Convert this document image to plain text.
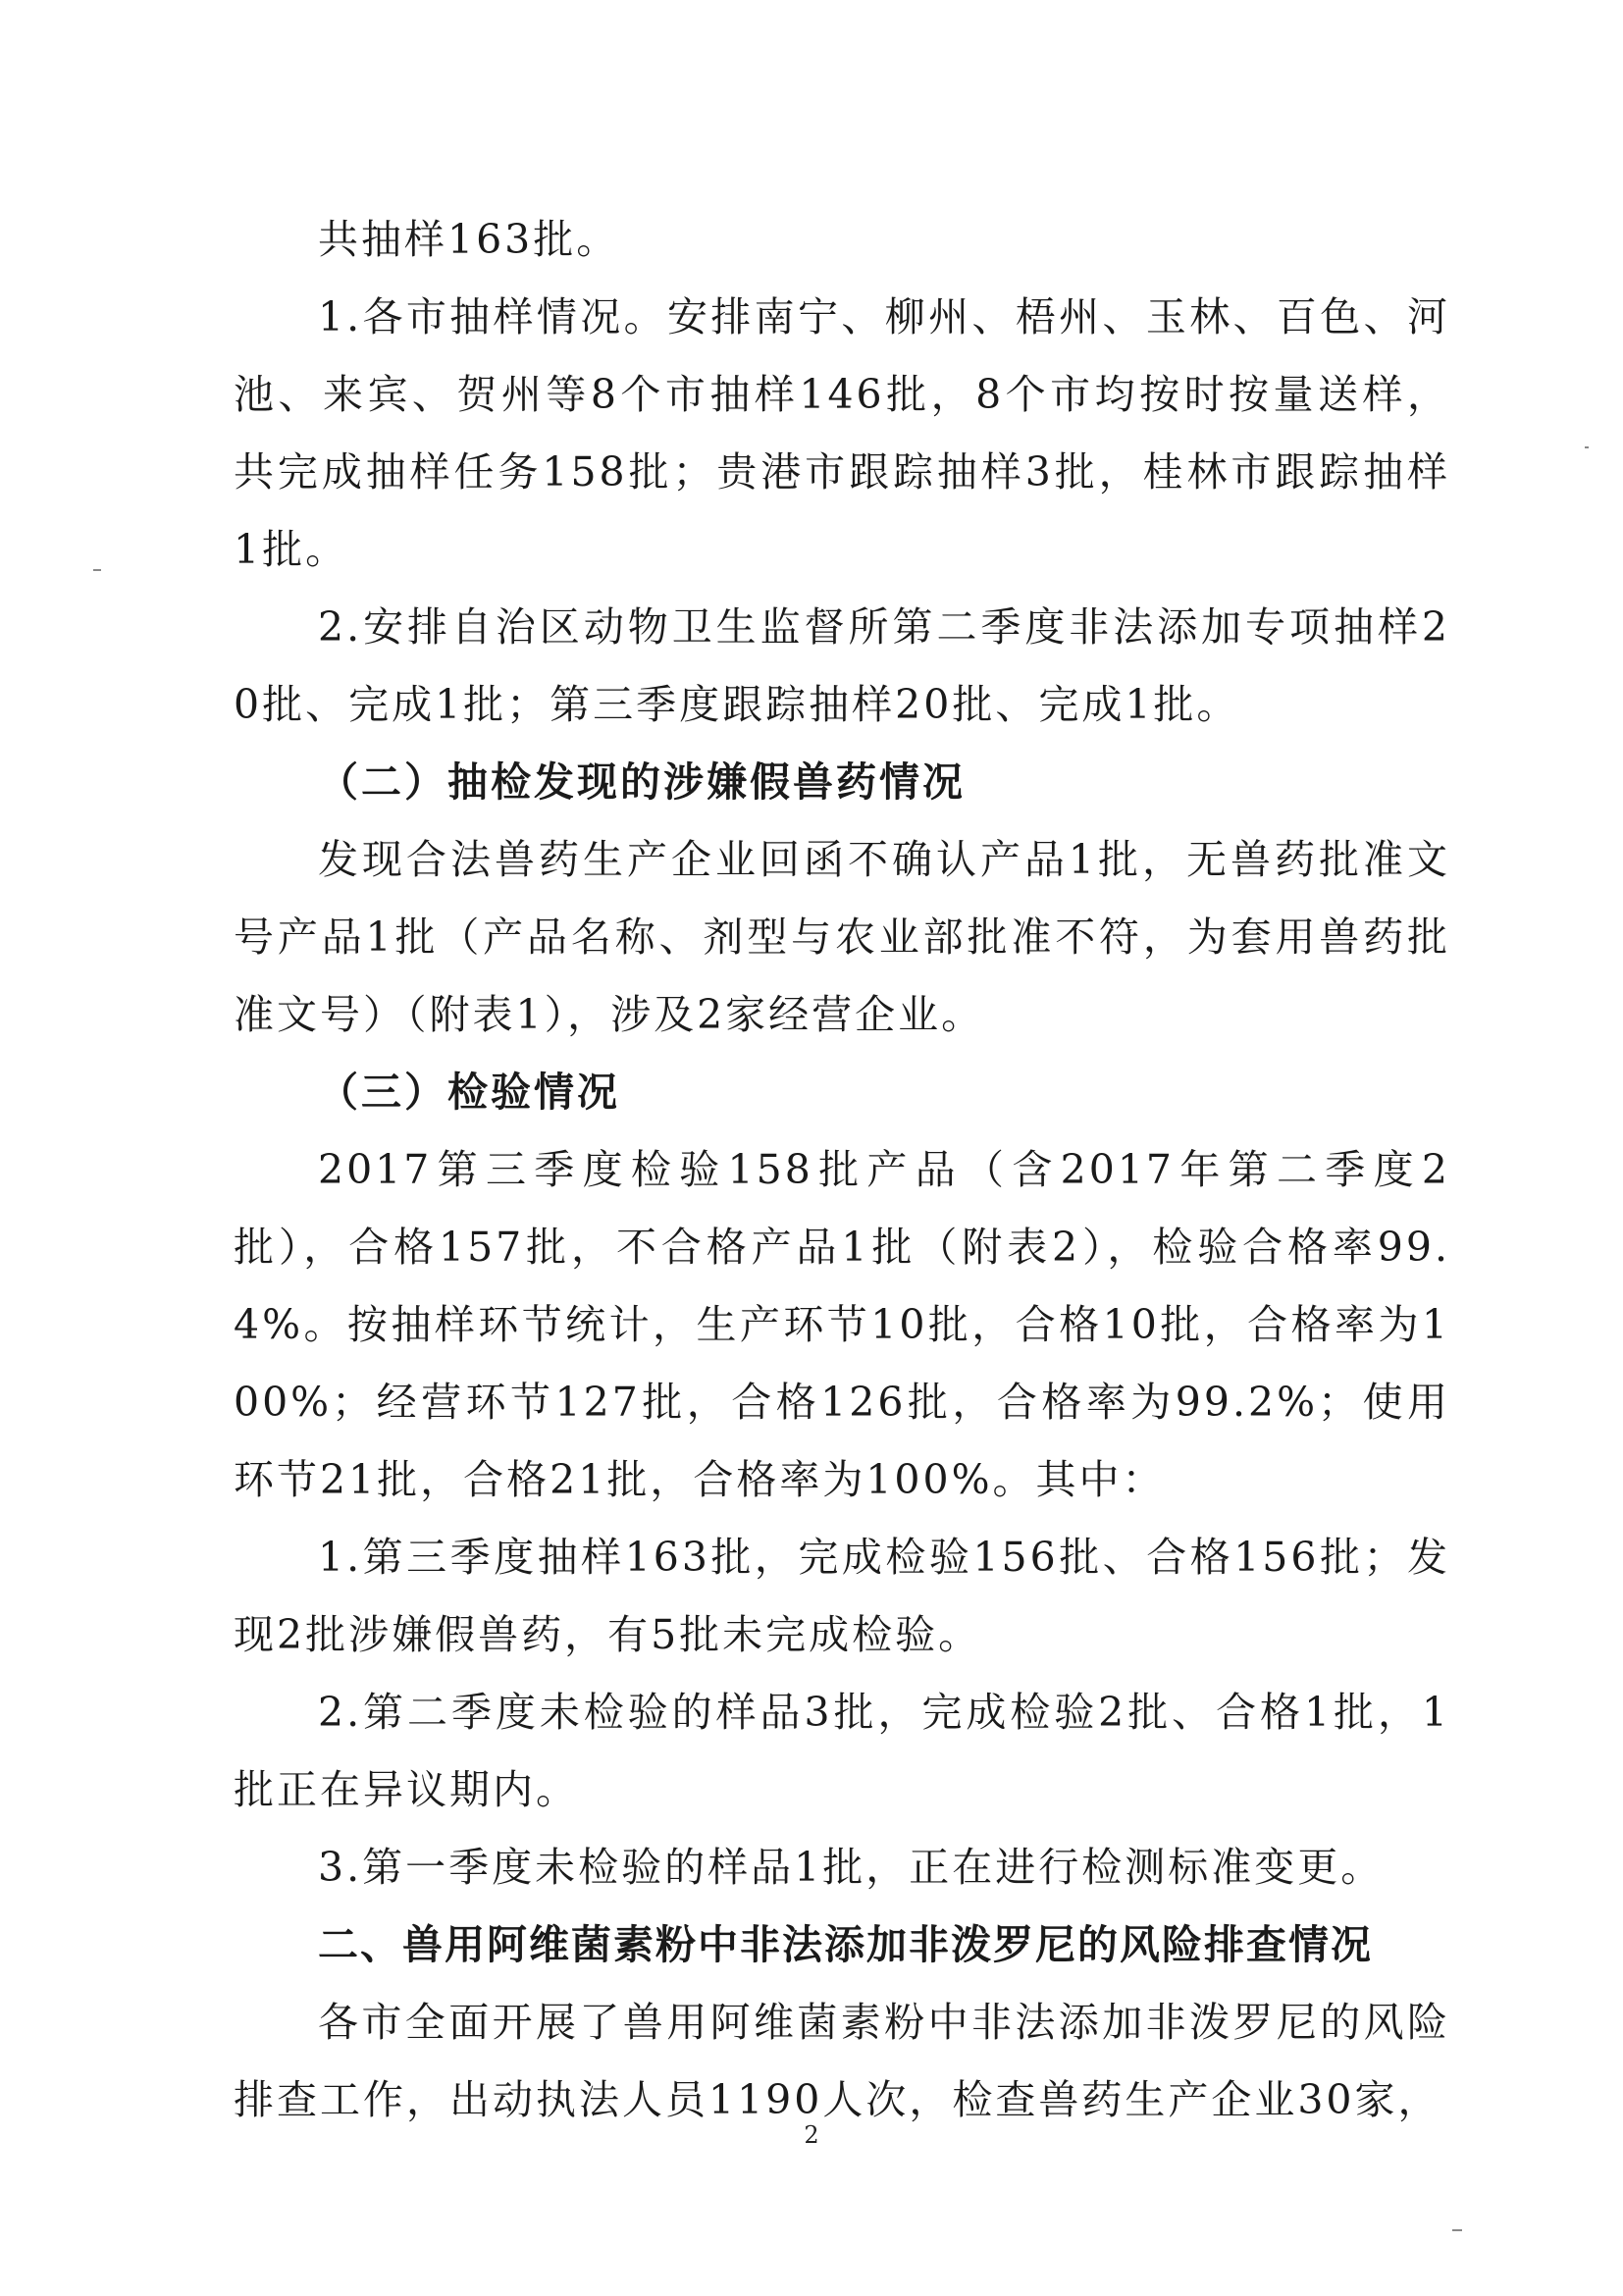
共抽样163批。

1.各市抽样情况。安排南宁、柳州、梧州、玉林、百色、河池、来宾、贺州等8个市抽样146批，8个市均按时按量送样，共完成抽样任务158批；贵港市跟踪抽样3批，桂林市跟踪抽样1批。

2.安排自治区动物卫生监督所第二季度非法添加专项抽样20批、完成1批；第三季度跟踪抽样20批、完成1批。

（二）抽检发现的涉嫌假兽药情况

发现合法兽药生产企业回函不确认产品1批，无兽药批准文号产品1批（产品名称、剂型与农业部批准不符，为套用兽药批准文号）（附表1），涉及2家经营企业。

（三）检验情况

2017第三季度检验158批产品（含2017年第二季度2批），合格157批，不合格产品1批（附表2），检验合格率99.4%。按抽样环节统计，生产环节10批，合格10批，合格率为100%；经营环节127批，合格126批，合格率为99.2%；使用环节21批，合格21批，合格率为100%。其中：

1.第三季度抽样163批，完成检验156批、合格156批；发现2批涉嫌假兽药，有5批未完成检验。

2.第二季度未检验的样品3批，完成检验2批、合格1批，1批正在异议期内。

3.第一季度未检验的样品1批，正在进行检测标准变更。

二、兽用阿维菌素粉中非法添加非泼罗尼的风险排查情况

各市全面开展了兽用阿维菌素粉中非法添加非泼罗尼的风险排查工作，出动执法人员1190人次，检查兽药生产企业30家，

2
